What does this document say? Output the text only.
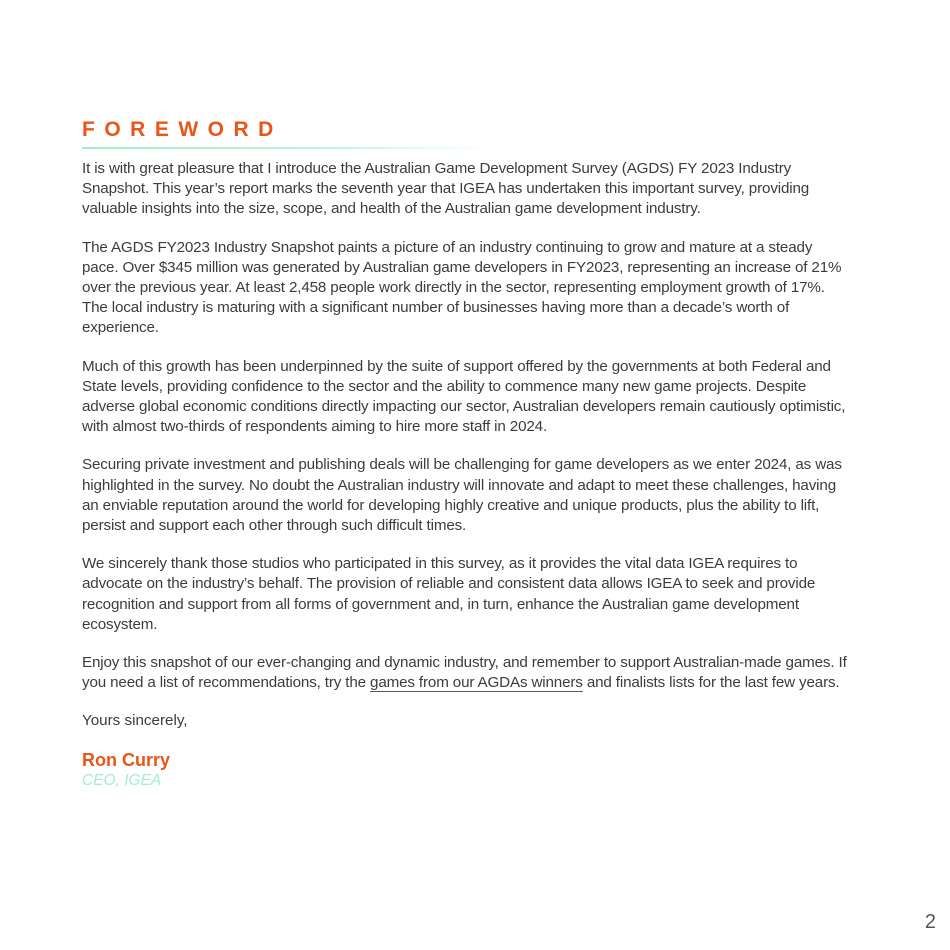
FOREWORD

It is with great pleasure that I introduce the Australian Game Development Survey (AGDS) FY 2023 Industry Snapshot. This year’s report marks the seventh year that IGEA has undertaken this important survey, providing valuable insights into the size, scope, and health of the Australian game development industry.

The AGDS FY2023 Industry Snapshot paints a picture of an industry continuing to grow and mature at a steady pace. Over $345 million was generated by Australian game developers in FY2023, representing an increase of 21% over the previous year. At least 2,458 people work directly in the sector, representing employment growth of 17%. The local industry is maturing with a significant number of businesses having more than a decade’s worth of experience.

Much of this growth has been underpinned by the suite of support offered by the governments at both Federal and State levels, providing confidence to the sector and the ability to commence many new game projects. Despite adverse global economic conditions directly impacting our sector, Australian developers remain cautiously optimistic, with almost two-thirds of respondents aiming to hire more staff in 2024.

Securing private investment and publishing deals will be challenging for game developers as we enter 2024, as was highlighted in the survey. No doubt the Australian industry will innovate and adapt to meet these challenges, having an enviable reputation around the world for developing highly creative and unique products, plus the ability to lift, persist and support each other through such difficult times.

We sincerely thank those studios who participated in this survey, as it provides the vital data IGEA requires to advocate on the industry’s behalf. The provision of reliable and consistent data allows IGEA to seek and provide recognition and support from all forms of government and, in turn, enhance the Australian game development ecosystem.

Enjoy this snapshot of our ever-changing and dynamic industry, and remember to support Australian-made games. If you need a list of recommendations, try the games from our AGDAs winners and finalists lists for the last few years.

Yours sincerely,

Ron Curry

CEO, IGEA

2
